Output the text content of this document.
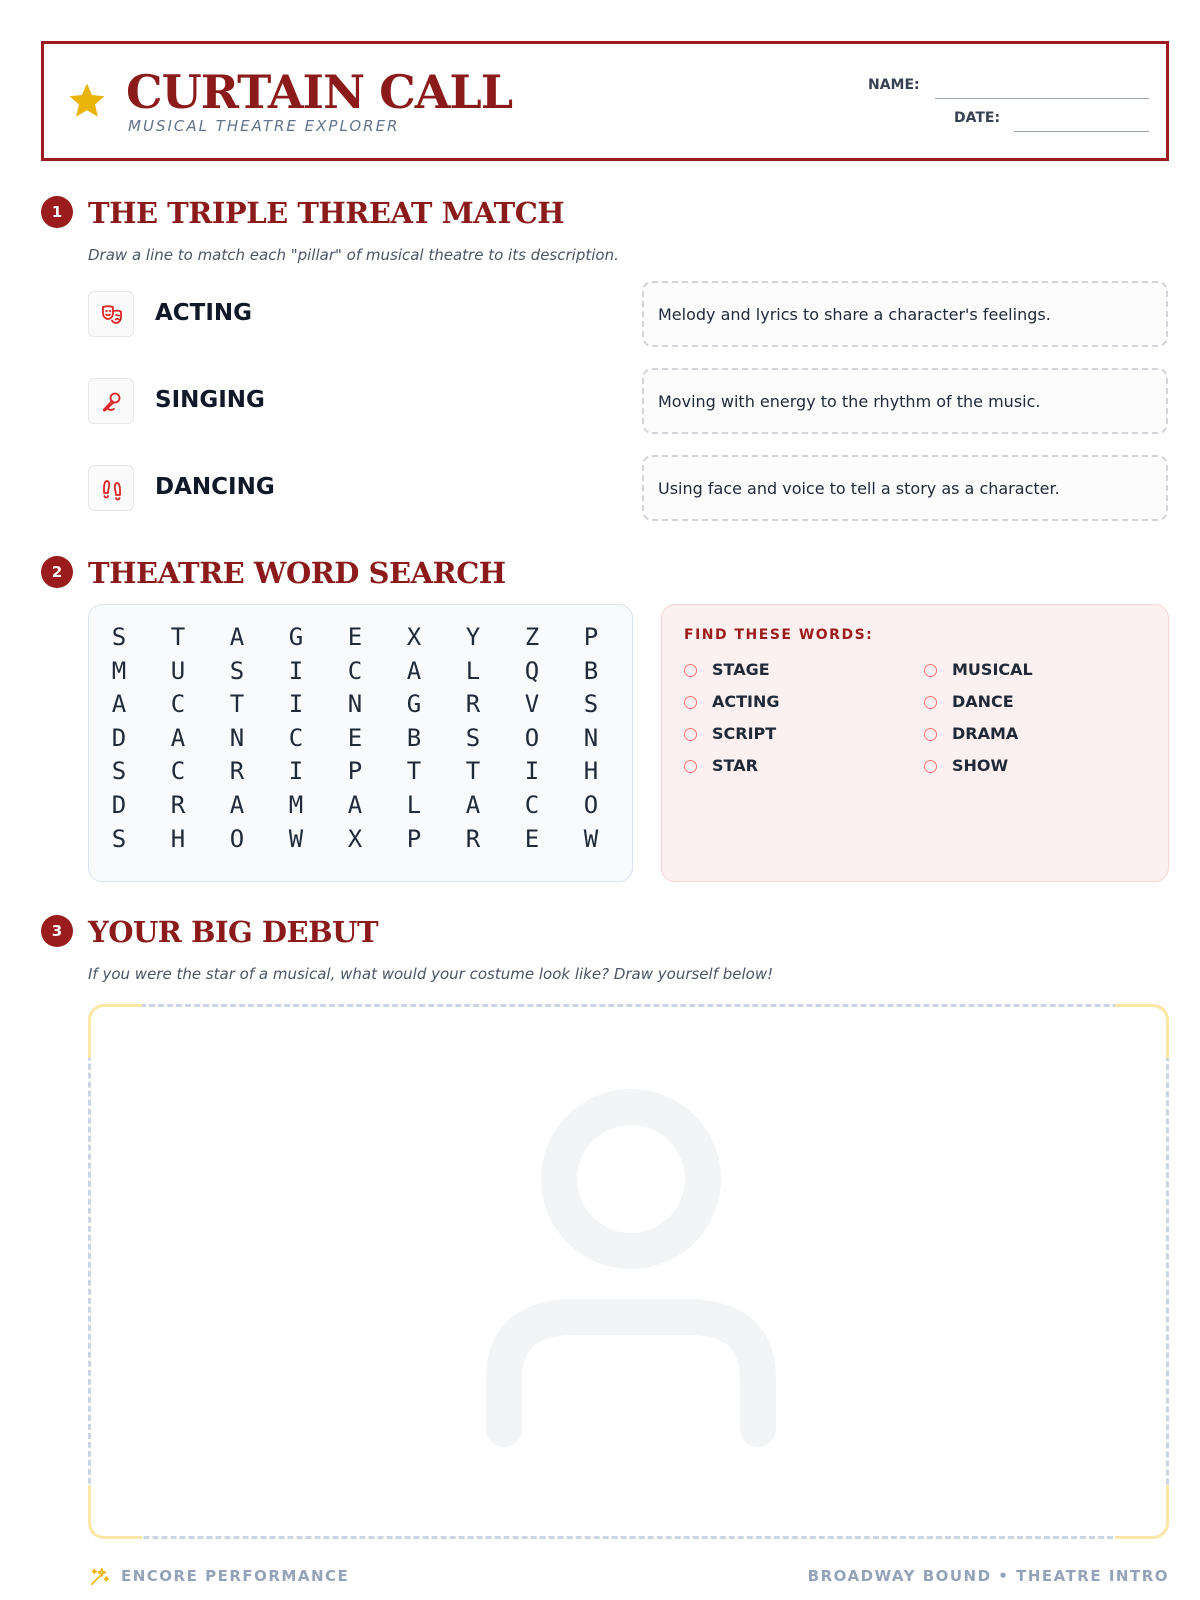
CURTAIN CALL
MUSICAL THEATRE EXPLORER
NAME:
DATE:
1 THE TRIPLE THREAT MATCH
Draw a line to match each "pillar" of musical theatre to its description.
ACTING
SINGING
DANCING
Melody and lyrics to share a character's feelings.
Moving with energy to the rhythm of the music.
Using face and voice to tell a story as a character.
2 THEATRE WORD SEARCH
S	T	A	G	E	X	Y	Z	P
M	U	S	I	C	A	L	Q	B
A	C	T	I	N	G	R	V	S
D	A	N	C	E	B	S	O	N
S	C	R	I	P	T	T	I	H
D	R	A	M	A	L	A	C	O
S	H	O	W	X	P	R	E	W
FIND THESE WORDS:
STAGE
ACTING
SCRIPT
STAR
MUSICAL
DANCE
DRAMA
SHOW
3 YOUR BIG DEBUT
If you were the star of a musical, what would your costume look like? Draw yourself below!
ENCORE PERFORMANCE	BROADWAY BOUND • THEATRE INTRO
